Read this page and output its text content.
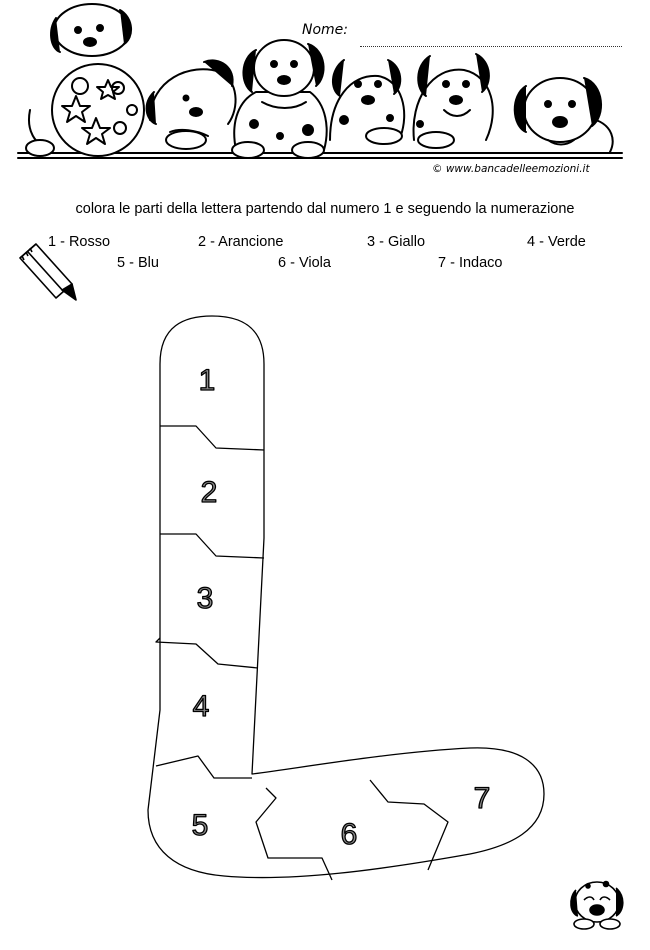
Nome:
© www.bancadelleemozioni.it
colora le parti della lettera partendo dal numero 1 e seguendo la numerazione
1 - Rosso	2 - Arancione	3 - Giallo	4 - Verde
5 - Blu	6 - Viola	7 - Indaco
1
2
3
4
5	6
7
